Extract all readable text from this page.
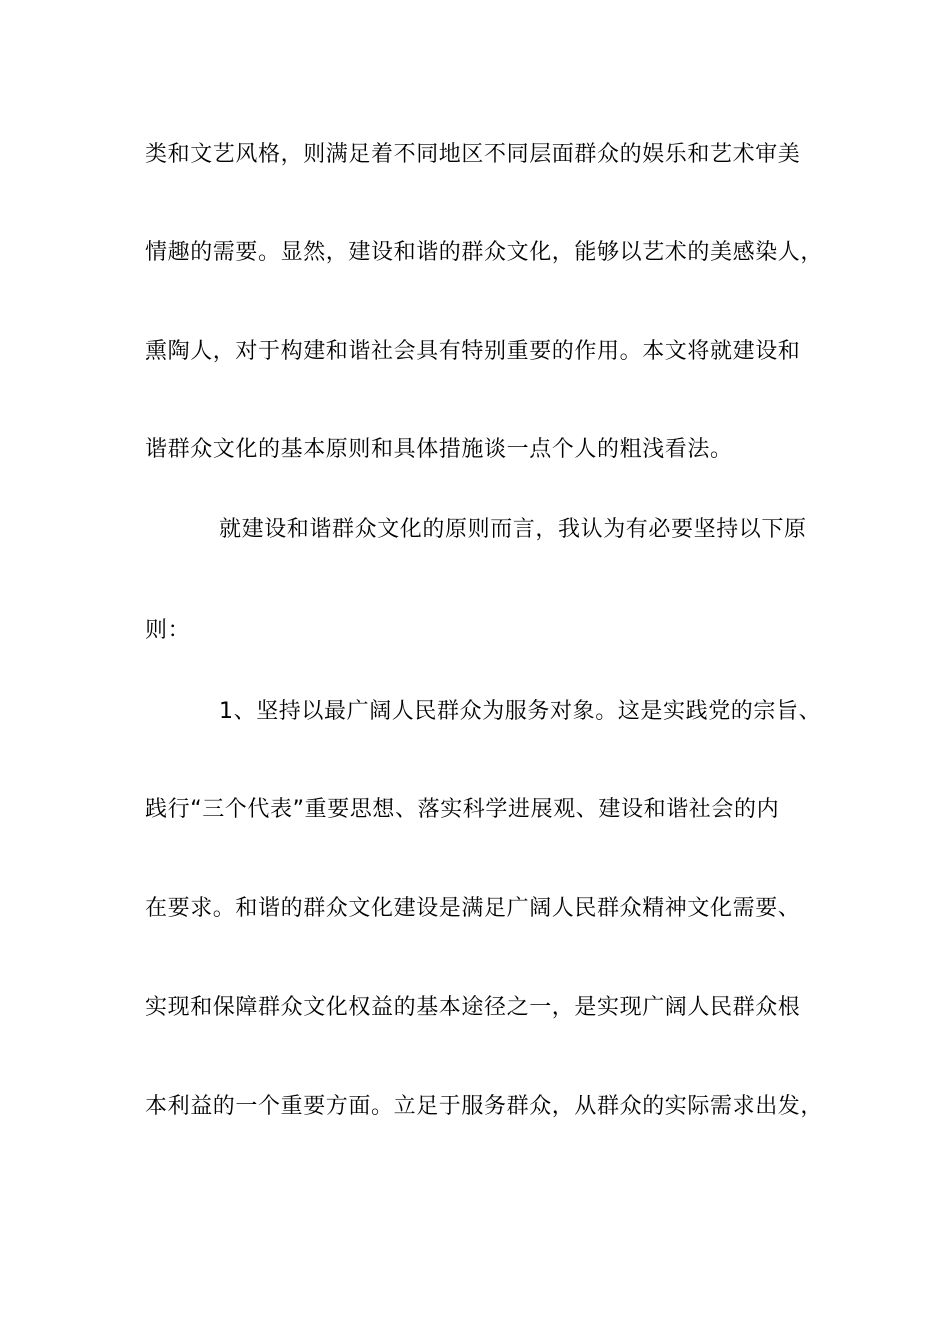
类和文艺风格，则满足着不同地区不同层面群众的娱乐和艺术审美
情趣的需要。显然，建设和谐的群众文化，能够以艺术的美感染人，
熏陶人，对于构建和谐社会具有特别重要的作用。本文将就建设和
谐群众文化的基本原则和具体措施谈一点个人的粗浅看法。
就建设和谐群众文化的原则而言，我认为有必要坚持以下原
则：
1、坚持以最广阔人民群众为服务对象。这是实践党的宗旨、
践行“三个代表”重要思想、落实科学进展观、建设和谐社会的内
在要求。和谐的群众文化建设是满足广阔人民群众精神文化需要、
实现和保障群众文化权益的基本途径之一，是实现广阔人民群众根
本利益的一个重要方面。立足于服务群众，从群众的实际需求出发，
